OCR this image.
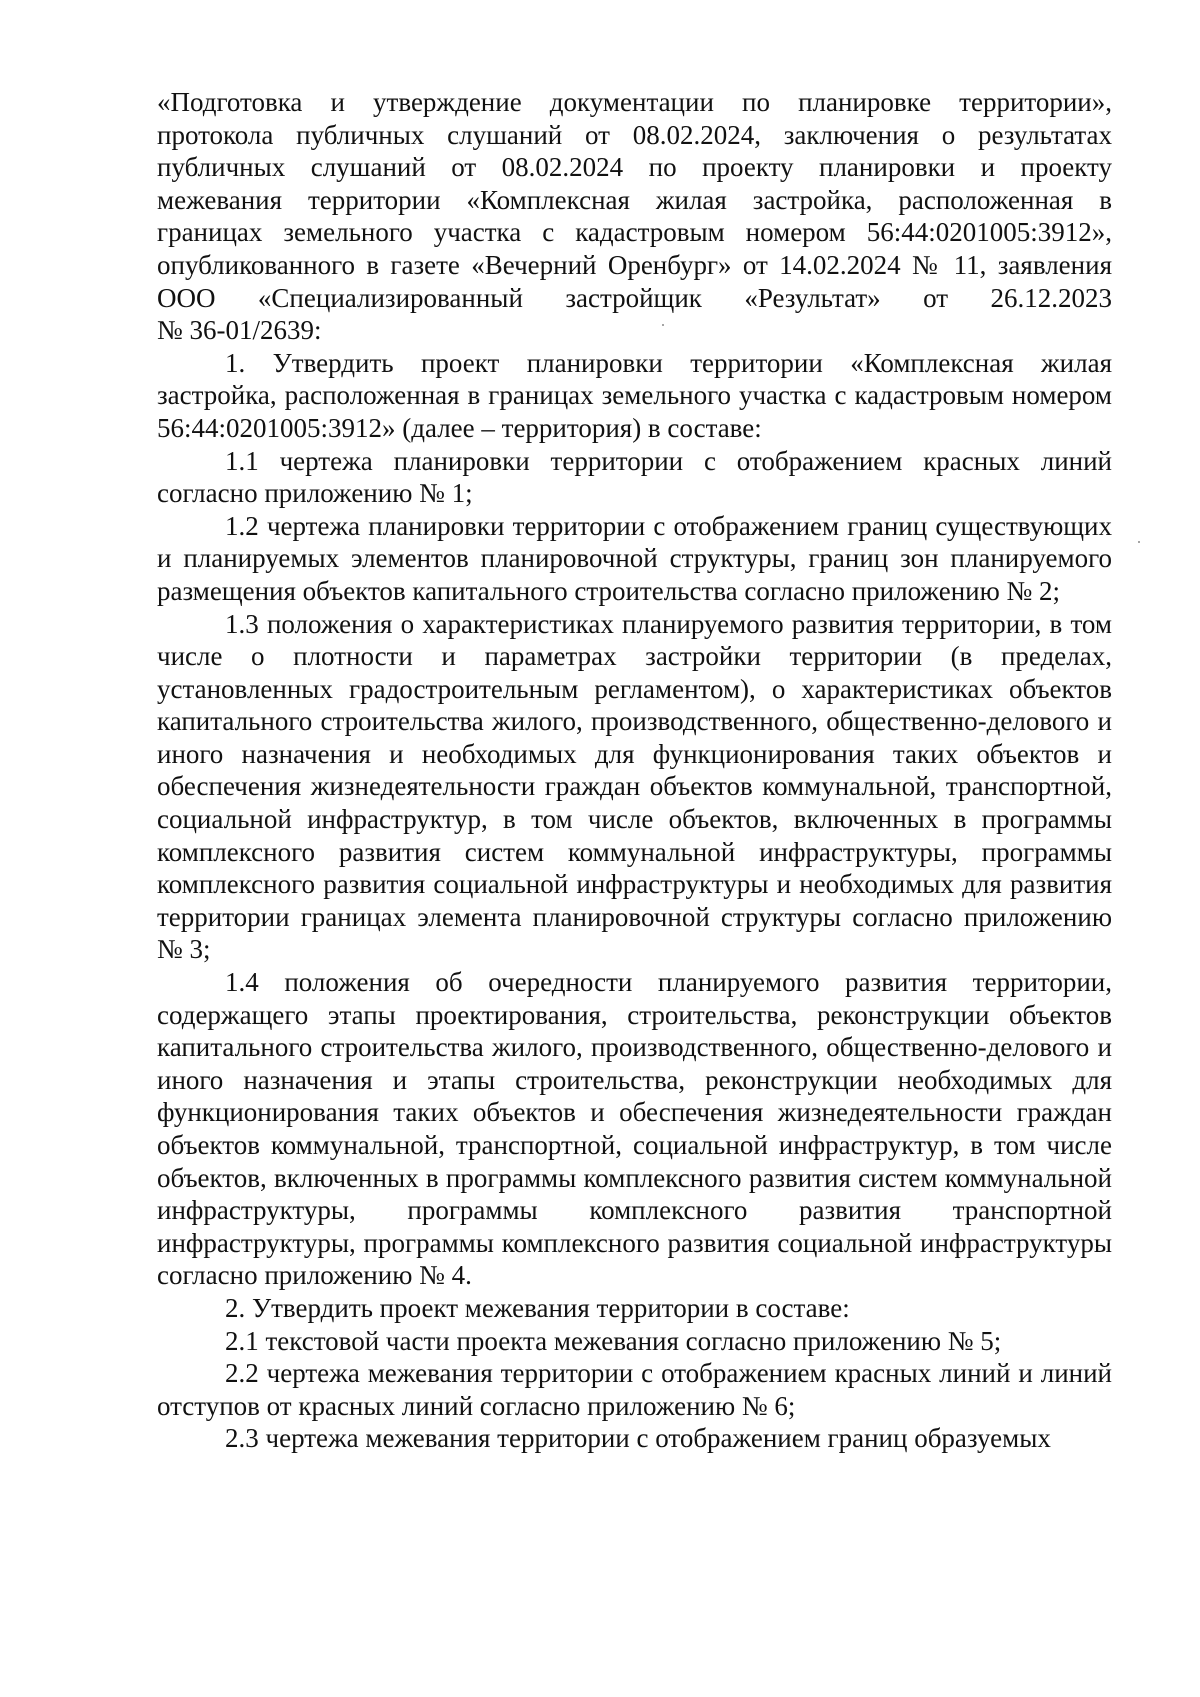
«Подготовка и утверждение документации по планировке территории»,
протокола публичных слушаний от 08.02.2024, заключения о результатах
публичных слушаний от 08.02.2024 по проекту планировки и проекту
межевания территории «Комплексная жилая застройка, расположенная в
границах земельного участка с кадастровым номером 56:44:0201005:3912»,
опубликованного в газете «Вечерний Оренбург» от 14.02.2024 № 11, заявления
ООО «Специализированный застройщик «Результат» от 26.12.2023

№ 36-01/2639:

1. Утвердить проект планировки территории «Комплексная жилая застройка, расположенная в границах земельного участка с кадастровым номером 56:44:0201005:3912» (далее – территория) в составе:

1.1 чертежа планировки территории с отображением красных линий согласно приложению № 1;

1.2 чертежа планировки территории с отображением границ существующих и планируемых элементов планировочной структуры, границ зон планируемого размещения объектов капитального строительства согласно приложению № 2;

1.3 положения о характеристиках планируемого развития территории, в том числе о плотности и параметрах застройки территории (в пределах, установленных градостроительным регламентом), о характеристиках объектов капитального строительства жилого, производственного, общественно-делового и иного назначения и необходимых для функционирования таких объектов и обеспечения жизнедеятельности граждан объектов коммунальной, транспортной, социальной инфраструктур, в том числе объектов, включенных в программы комплексного развития систем коммунальной инфраструктуры, программы комплексного развития социальной инфраструктуры и необходимых для развития территории границах элемента планировочной структуры согласно приложению № 3;

1.4 положения об очередности планируемого развития территории, содержащего этапы проектирования, строительства, реконструкции объектов капитального строительства жилого, производственного, общественно-делового и иного назначения и этапы строительства, реконструкции необходимых для функционирования таких объектов и обеспечения жизнедеятельности граждан объектов коммунальной, транспортной, социальной инфраструктур, в том числе объектов, включенных в программы комплексного развития систем коммунальной инфраструктуры, программы комплексного развития транспортной инфраструктуры, программы комплексного развития социальной инфраструктуры согласно приложению № 4.

2. Утвердить проект межевания территории в составе:

2.1 текстовой части проекта межевания согласно приложению № 5;

2.2 чертежа межевания территории с отображением красных линий и линий отступов от красных линий согласно приложению № 6;

2.3 чертежа межевания территории с отображением границ образуемых
